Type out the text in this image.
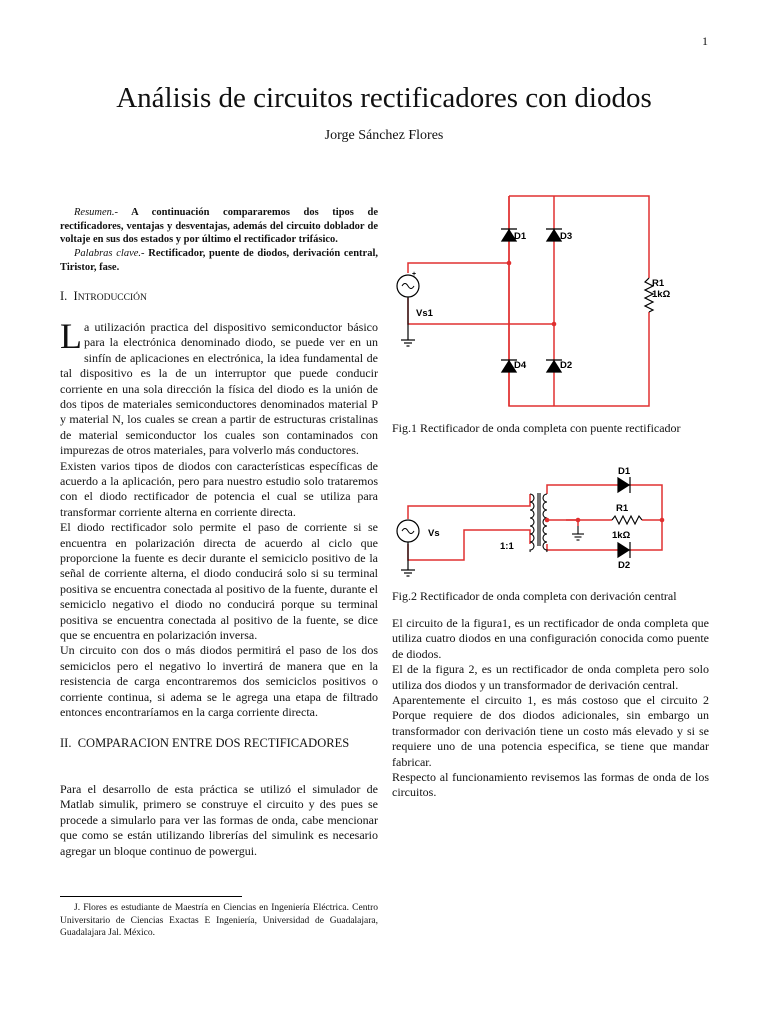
1
Análisis de circuitos rectificadores con diodos
Jorge Sánchez Flores

Resumen.- A continuación compararemos dos tipos de rectificadores, ventajas y desventajas, además del circuito doblador de voltaje en sus dos estados y por último el rectificador trifásico.

Palabras clave.- Rectificador, puente de diodos, derivación central, Tiristor, fase.

I. INTRODUCCIÓN

La utilización practica del dispositivo semiconductor básico para la electrónica denominado diodo, se puede ver en un sinfín de aplicaciones en electrónica, la idea fundamental de tal dispositivo es la de un interruptor que puede conducir corriente en una sola dirección la física del diodo es la unión de dos tipos de materiales semiconductores denominados material P y material N, los cuales se crean a partir de estructuras cristalinas de material semiconductor los cuales son contaminados con impurezas de otros materiales, para volverlo más conductores.

Existen varios tipos de diodos con características específicas de acuerdo a la aplicación, pero para nuestro estudio solo trataremos con el diodo rectificador de potencia el cual se utiliza para transformar corriente alterna en corriente directa.

El diodo rectificador solo permite el paso de corriente si se encuentra en polarización directa de acuerdo al ciclo que proporcione la fuente es decir durante el semiciclo positivo de la señal de corriente alterna, el diodo conducirá solo si su terminal positiva se encuentra conectada al positivo de la fuente, durante el semiciclo negativo el diodo no conducirá porque su terminal positiva se encuentra conectada al positivo de la fuente, se dice que se encuentra en polarización inversa.

Un circuito con dos o más diodos permitirá el paso de los dos semiciclos pero el negativo lo invertirá de manera que en la resistencia de carga encontraremos dos semiciclos positivos o corriente continua, si adema se le agrega una etapa de filtrado entonces encontraríamos en la carga corriente directa.

II. COMPARACION ENTRE DOS RECTIFICADORES

Para el desarrollo de esta práctica se utilizó el simulador de Matlab simulik, primero se construye el circuito y des pues se procede a simularlo para ver las formas de onda, cabe mencionar que como se están utilizando librerías del simulink es necesario agregar un bloque continuo de powergui.

J. Flores es estudiante de Maestría en Ciencias en Ingeniería Eléctrica. Centro Universitario de Ciencias Exactas E Ingeniería, Universidad de Guadalajara, Guadalajara Jal. México.
+
D1	D3
D4	D2
R1
1kΩ
Vs1
Fig.1 Rectificador de onda completa con puente rectificador
D1
D2
R1
1kΩ
Vs
1:1
Fig.2 Rectificador de onda completa con derivación central

El circuito de la figura1, es un rectificador de onda completa que utiliza cuatro diodos en una configuración conocida como puente de diodos.

El de la figura 2, es un rectificador de onda completa pero solo utiliza dos diodos y un transformador de derivación central.

Aparentemente el circuito 1, es más costoso que el circuito 2 Porque requiere de dos diodos adicionales, sin embargo un transformador con derivación tiene un costo más elevado y si se requiere uno de una potencia especifica, se tiene que mandar fabricar.

Respecto al funcionamiento revisemos las formas de onda de los circuitos.
